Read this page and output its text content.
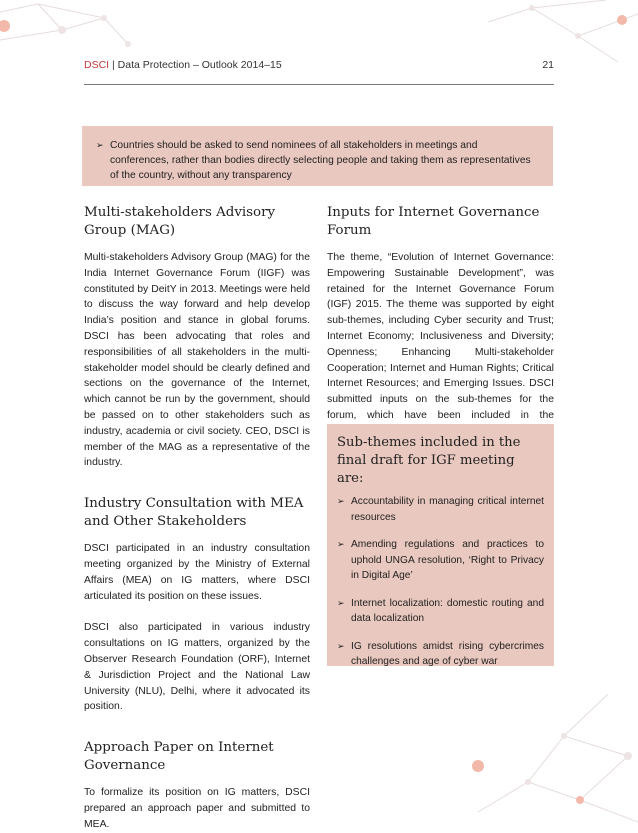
DSCI | Data Protection – Outlook 2014–15	21
➢ Countries should be asked to send nominees of all stakeholders in meetings and conferences, rather than bodies directly selecting people and taking them as representatives of the country, without any transparency
Multi-stakeholders Advisory Group (MAG)

Multi-stakeholders Advisory Group (MAG) for the India Internet Governance Forum (IIGF) was constituted by DeitY in 2013. Meetings were held to discuss the way forward and help develop India’s position and stance in global forums. DSCI has been advocating that roles and responsibilities of all stakeholders in the multi-stakeholder model should be clearly defined and sections on the governance of the Internet, which cannot be run by the government, should be passed on to other stakeholders such as industry, academia or civil society. CEO, DSCI is member of the MAG as a representative of the industry.

Industry Consultation with MEA and Other Stakeholders

DSCI participated in an industry consultation meeting organized by the Ministry of External Affairs (MEA) on IG matters, where DSCI articulated its position on these issues.

DSCI also participated in various industry consultations on IG matters, organized by the Observer Research Foundation (ORF), Internet & Jurisdiction Project and the National Law University (NLU), Delhi, where it advocated its position.

Approach Paper on Internet Governance

To formalize its position on IG matters, DSCI prepared an approach paper and submitted to MEA.

Inputs for Internet Governance Forum

The theme, “Evolution of Internet Governance: Empowering Sustainable Development”, was retained for the Internet Governance Forum (IGF) 2015. The theme was supported by eight sub-themes, including Cyber security and Trust; Internet Economy; Inclusiveness and Diversity; Openness; Enhancing Multi-stakeholder Cooperation; Internet and Human Rights; Critical Internet Resources; and Emerging Issues. DSCI submitted inputs on the sub-themes for the forum, which have been included in the

Sub-themes included in the final draft for IGF meeting are:
➢ Accountability in managing critical internet resources
➢ Amending regulations and practices to uphold UNGA resolution, ‘Right to Privacy in Digital Age’
➢ Internet localization: domestic routing and data localization
➢ IG resolutions amidst rising cybercrimes challenges and age of cyber war
